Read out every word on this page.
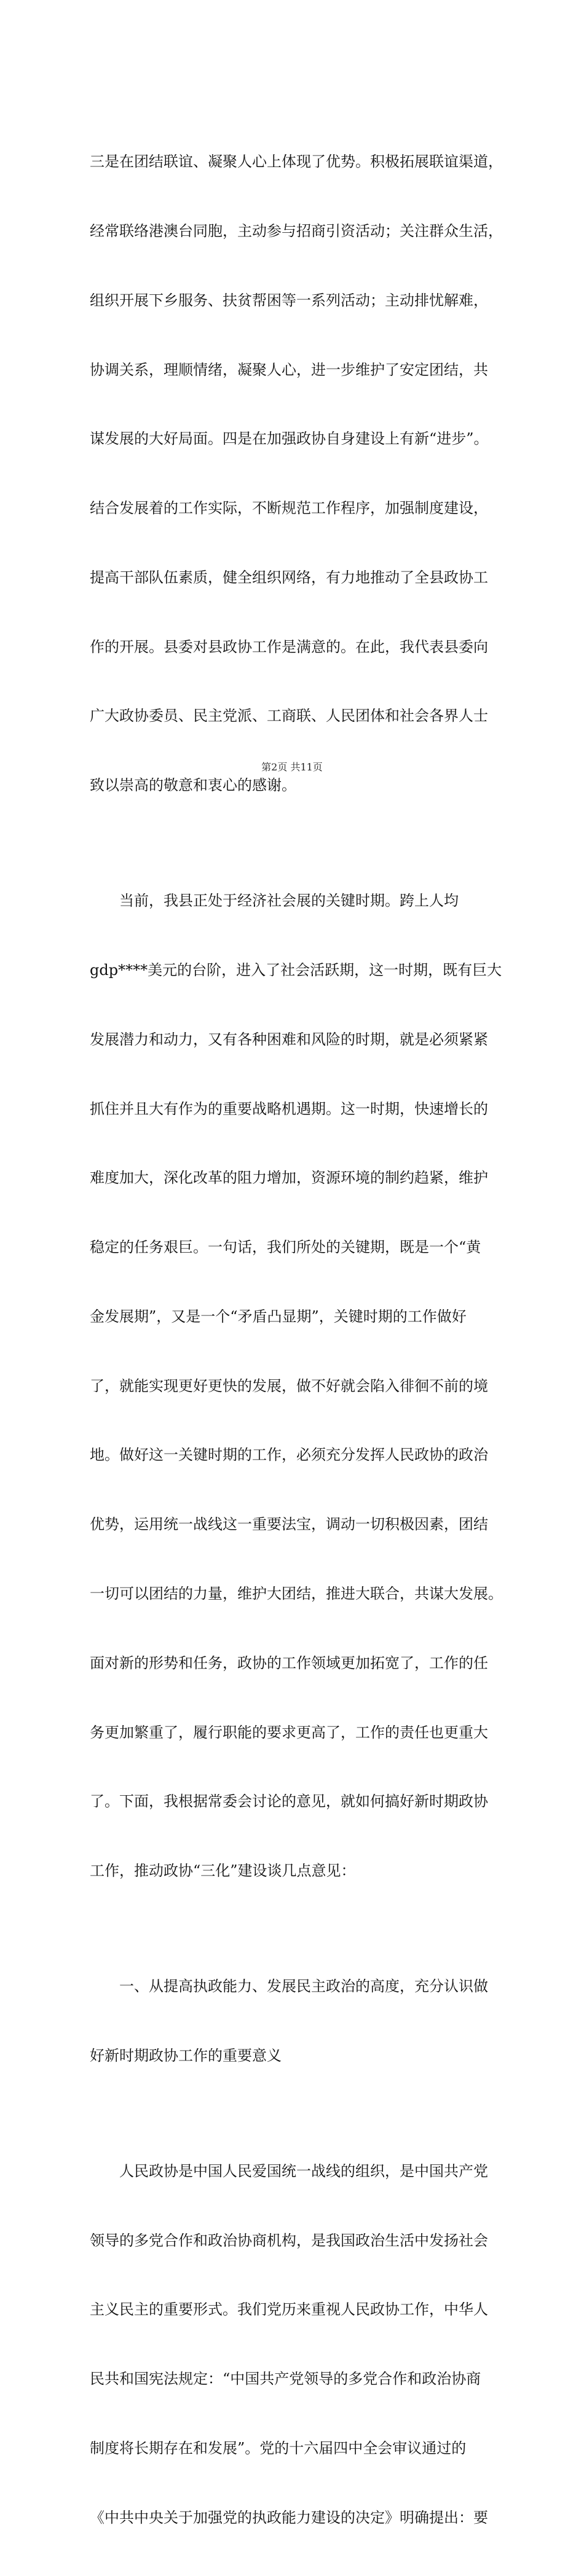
三是在团结联谊、凝聚人心上体现了优势。积极拓展联谊渠道，

经常联络港澳台同胞，主动参与招商引资活动；关注群众生活，

组织开展下乡服务、扶贫帮困等一系列活动；主动排忧解难，

协调关系，理顺情绪，凝聚人心，进一步维护了安定团结，共

谋发展的大好局面。四是在加强政协自身建设上有新“进步”。

结合发展着的工作实际，不断规范工作程序，加强制度建设，

提高干部队伍素质，健全组织网络，有力地推动了全县政协工

作的开展。县委对县政协工作是满意的。在此，我代表县委向

广大政协委员、民主党派、工商联、人民团体和社会各界人士

致以崇高的敬意和衷心的感谢。

　　当前，我县正处于经济社会展的关键时期。跨上人均

gdp****美元的台阶，进入了社会活跃期，这一时期，既有巨大

发展潜力和动力，又有各种困难和风险的时期，就是必须紧紧

抓住并且大有作为的重要战略机遇期。这一时期，快速增长的

难度加大，深化改革的阻力增加，资源环境的制约趋紧，维护

稳定的任务艰巨。一句话，我们所处的关键期，既是一个“黄

金发展期”，又是一个“矛盾凸显期”，关键时期的工作做好

了，就能实现更好更快的发展，做不好就会陷入徘徊不前的境

地。做好这一关键时期的工作，必须充分发挥人民政协的政治

优势，运用统一战线这一重要法宝，调动一切积极因素，团结

一切可以团结的力量，维护大团结，推进大联合，共谋大发展。

面对新的形势和任务，政协的工作领域更加拓宽了，工作的任

务更加繁重了，履行职能的要求更高了，工作的责任也更重大

了。下面，我根据常委会讨论的意见，就如何搞好新时期政协

工作，推动政协“三化”建设谈几点意见：

　　一、从提高执政能力、发展民主政治的高度，充分认识做

好新时期政协工作的重要意义

　　人民政协是中国人民爱国统一战线的组织，是中国共产党

领导的多党合作和政治协商机构，是我国政治生活中发扬社会

主义民主的重要形式。我们党历来重视人民政协工作，中华人

民共和国宪法规定：“中国共产党领导的多党合作和政治协商

制度将长期存在和发展”。党的十六届四中全会审议通过的

《中共中央关于加强党的执政能力建设的决定》明确提出：要

第2页 共11页
